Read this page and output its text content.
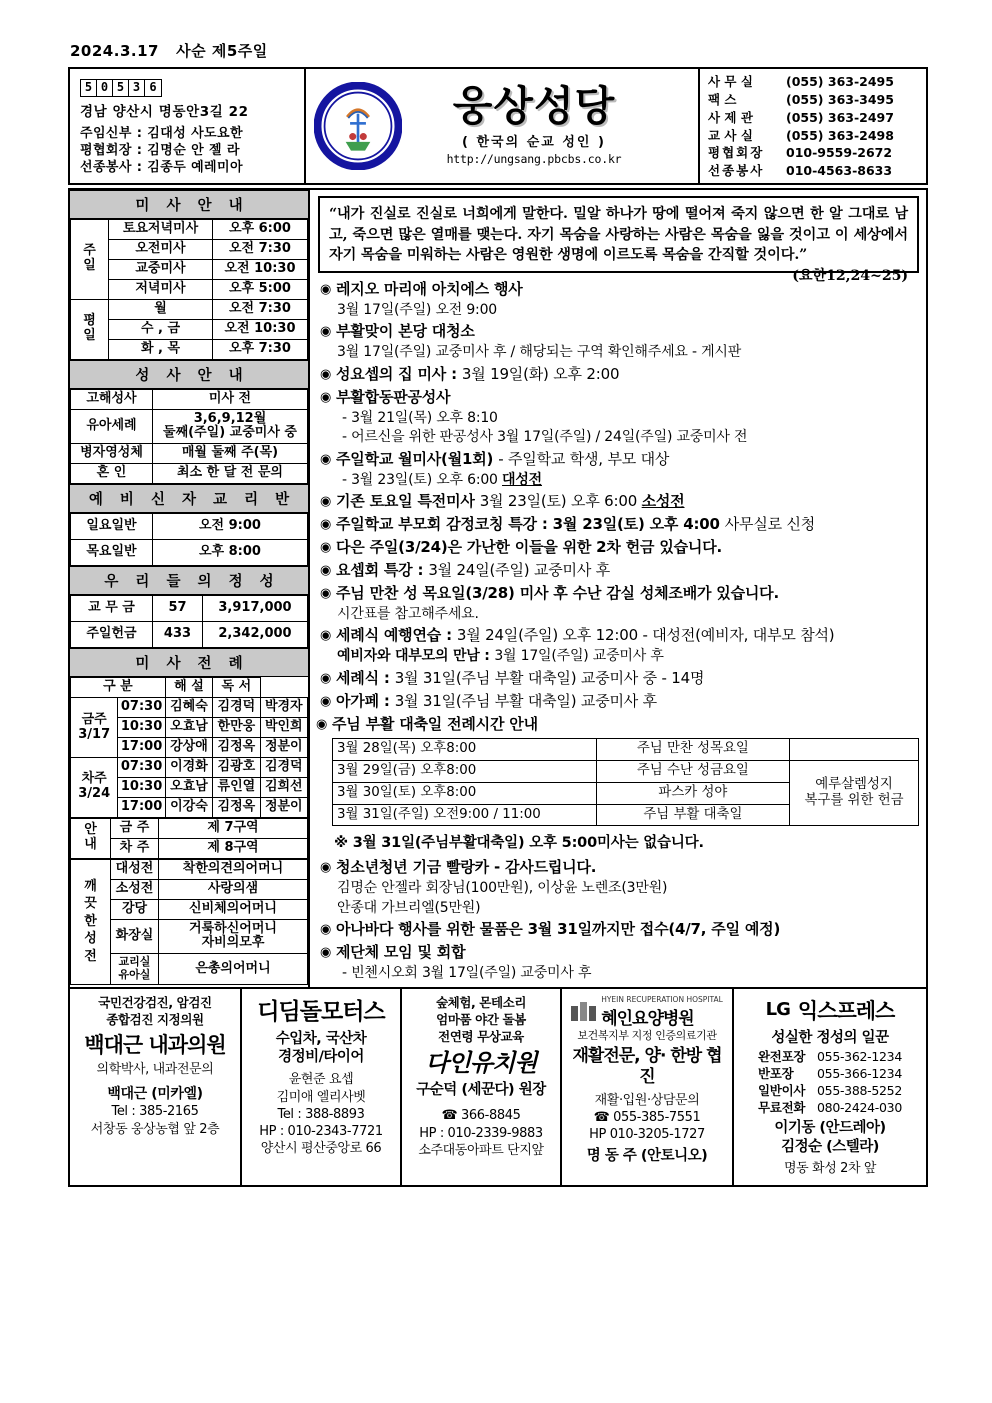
2024.3.17   사순 제5주일
5 0 5 3 6
경남 양산시 명동안3길 22
주임신부 : 김대성 사도요한
평협회장 : 김명순 안 젤 라
선종봉사 : 김종두 예레미아
웅상성당
( 한국의 순교 성인 )
http://ungsang.pbcbs.co.kr
사 무 실	(055) 363-2495
팩 스	(055) 363-3495
사 제 관	(055) 363-2497
교 사 실	(055) 363-2498
평협회장	010-9559-2672
선종봉사	010-4563-8633
미 사 안 내
주
일	토요저녁미사	오후 6:00
	오전미사	오전 7:30
	교중미사	오전 10:30
	저녁미사	오후 5:00
평
일	월	오전 7:30
	수 , 금	오전 10:30
	화 , 목	오후 7:30
성 사 안 내
고해성사	미사 전
유아세례	3,6,9,12월
둘째(주일) 교중미사 중
병자영성체	매월 둘째 주(목)
혼 인	최소 한 달 전 문의
예 비 신 자 교 리 반
일요일반	오전 9:00
목요일반	오후 8:00
우 리 들 의 정 성
교 무 금	57	3,917,000
주일헌금	433	2,342,000
미 사 전 례
구 분		해 설	독 서	
금주
3/17	07:30	김혜숙	김경덕	박경자
	10:30	오효남	한만웅	박인희
	17:00	강상애	김정옥	정분이
차주
3/24	07:30	이경화	김광호	김경덕
	10:30	오효남	류인열	김희선
	17:00	이강숙	김정옥	정분이
안
내	금 주	제 7구역
	차 주	제 8구역
깨
끗
한
성
전	대성전	착한의견의어머니
	소성전	사랑의샘
	강당	신비체의어머니
	화장실	거룩하신어머니
자비의모후
	교리실
유아실	은총의어머니
“내가 진실로 진실로 너희에게 말한다. 밀알 하나가 땅에 떨어져 죽지 않으면 한 알 그대로 남고, 죽으면 많은 열매를 맺는다. 자기 목숨을 사랑하는 사람은 목숨을 잃을 것이고 이 세상에서 자기 목숨을 미워하는 사람은 영원한 생명에 이르도록 목숨을 간직할 것이다.”
(요한12,24~25)
◉ 레지오 마리애 아치에스 행사
3월 17일(주일) 오전 9:00
◉ 부활맞이 본당 대청소
3월 17일(주일) 교중미사 후 / 해당되는 구역 확인해주세요 - 게시판
◉ 성요셉의 집 미사 : 3월 19일(화) 오후 2:00
◉ 부활합동판공성사
- 3월 21일(목) 오후 8:10
- 어르신을 위한 판공성사 3월 17일(주일) / 24일(주일) 교중미사 전
◉ 주일학교 월미사(월1회) - 주일학교 학생, 부모 대상
- 3월 23일(토) 오후 6:00 대성전
◉ 기존 토요일 특전미사 3월 23일(토) 오후 6:00 소성전
◉ 주일학교 부모회 감정코칭 특강 : 3월 23일(토) 오후 4:00 사무실로 신청
◉ 다은 주일(3/24)은 가난한 이들을 위한 2차 헌금 있습니다.
◉ 요셉회 특강 : 3월 24일(주일) 교중미사 후
◉ 주님 만찬 성 목요일(3/28) 미사 후 수난 감실 성체조배가 있습니다.
시간표를 참고해주세요.
◉ 세례식 예행연습 : 3월 24일(주일) 오후 12:00 - 대성전(예비자, 대부모 참석)
예비자와 대부모의 만남 : 3월 17일(주일) 교중미사 후
◉ 세례식 : 3월 31일(주님 부활 대축일) 교중미사 중 - 14명
◉ 아가페 : 3월 31일(주님 부활 대축일) 교중미사 후
◉ 주님 부활 대축일 전례시간 안내
3월 28일(목) 오후8:00	주님 만찬 성목요일	
3월 29일(금) 오후8:00	주님 수난 성금요일	예루살렘성지
복구를 위한 헌금
3월 30일(토) 오후8:00	파스카 성야	
3월 31일(주일) 오전9:00 / 11:00	주님 부활 대축일	
※ 3월 31일(주님부활대축일) 오후 5:00미사는 없습니다.
◉ 청소년청년 기금 빨랑카 - 감사드립니다.
김명순 안젤라 회장님(100만원), 이상윤 노렌조(3만원)
안종대 가브리엘(5만원)
◉ 아나바다 행사를 위한 물품은 3월 31일까지만 접수(4/7, 주일 예정)
◉ 제단체 모임 및 회합
- 빈첸시오회 3월 17일(주일) 교중미사 후
국민건강검진, 암검진
종합검진 지정의원
백대근 내과의원
의학박사, 내과전문의
백대근 (미카엘)
Tel : 385-2165
서창동 웅상농협 앞 2층
디딤돌모터스
수입차, 국산차
경정비/타이어
윤현준 요셉
김미애 엘리사벳
Tel : 388-8893
HP : 010-2343-7721
양산시 평산중앙로 66
숲체험, 몬테소리
엄마품 야간 돌봄
전연령 무상교육
다인유치원
구순덕 (세꾼다) 원장
☎ 366-8845
HP : 010-2339-9883
소주대동아파트 단지앞
HYEIN RECUPERATION HOSPITAL
혜인요양병원
보건복지부 지정 인증의료기관
재활전문, 양· 한방 협진
재활·입원·상담문의
☎ 055-385-7551
HP 010-3205-1727
명 동 주 (안토니오)
LG 익스프레스
성실한 정성의 일꾼
완전포장 055-362-1234
반포장	055-366-1234
일반이사 055-388-5252
무료전화 080-2424-030
이기동 (안드레아)
김정순 (스텔라)
명동 화성 2차 앞
